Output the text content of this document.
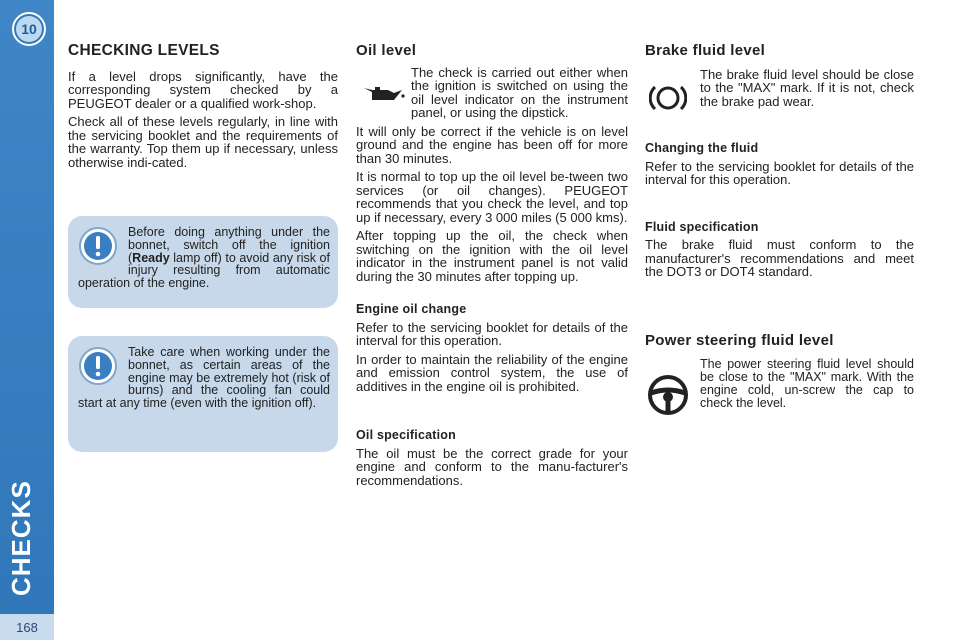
10
CHECKS
168
CHECKING LEVELS

If a level drops significantly, have the corresponding system checked by a PEUGEOT dealer or a qualified work-shop.

Check all of these levels regularly, in line with the servicing booklet and the requirements of the warranty. Top them up if necessary, unless otherwise indi-cated.

Before doing anything under the bonnet, switch off the ignition (Ready lamp off) to avoid any risk of injury resulting from automatic operation of the engine.

Take care when working under the bonnet, as certain areas of the engine may be extremely hot (risk of burns) and the cooling fan could start at any time (even with the ignition off).

Oil level

The check is carried out either when the ignition is switched on using the oil level indicator on the instrument panel, or using the dipstick.

It will only be correct if the vehicle is on level ground and the engine has been off for more than 30 minutes.

It is normal to top up the oil level be-tween two services (or oil changes). PEUGEOT recommends that you check the level, and top up if necessary, every 3 000 miles (5 000 kms).

After topping up the oil, the check when switching on the ignition with the oil level indicator in the instrument panel is not valid during the 30 minutes after topping up.

Engine oil change

Refer to the servicing booklet for details of the interval for this operation.

In order to maintain the reliability of the engine and emission control system, the use of additives in the engine oil is prohibited.

Oil specification

The oil must be the correct grade for your engine and conform to the manu-facturer's recommendations.

Brake fluid level

The brake fluid level should be close to the "MAX" mark. If it is not, check the brake pad wear.

Changing the fluid

Refer to the servicing booklet for details of the interval for this operation.

Fluid specification

The brake fluid must conform to the manufacturer's recommendations and meet the DOT3 or DOT4 standard.

Power steering fluid level

The power steering fluid level should be close to the "MAX" mark. With the engine cold, un-screw the cap to check the level.
